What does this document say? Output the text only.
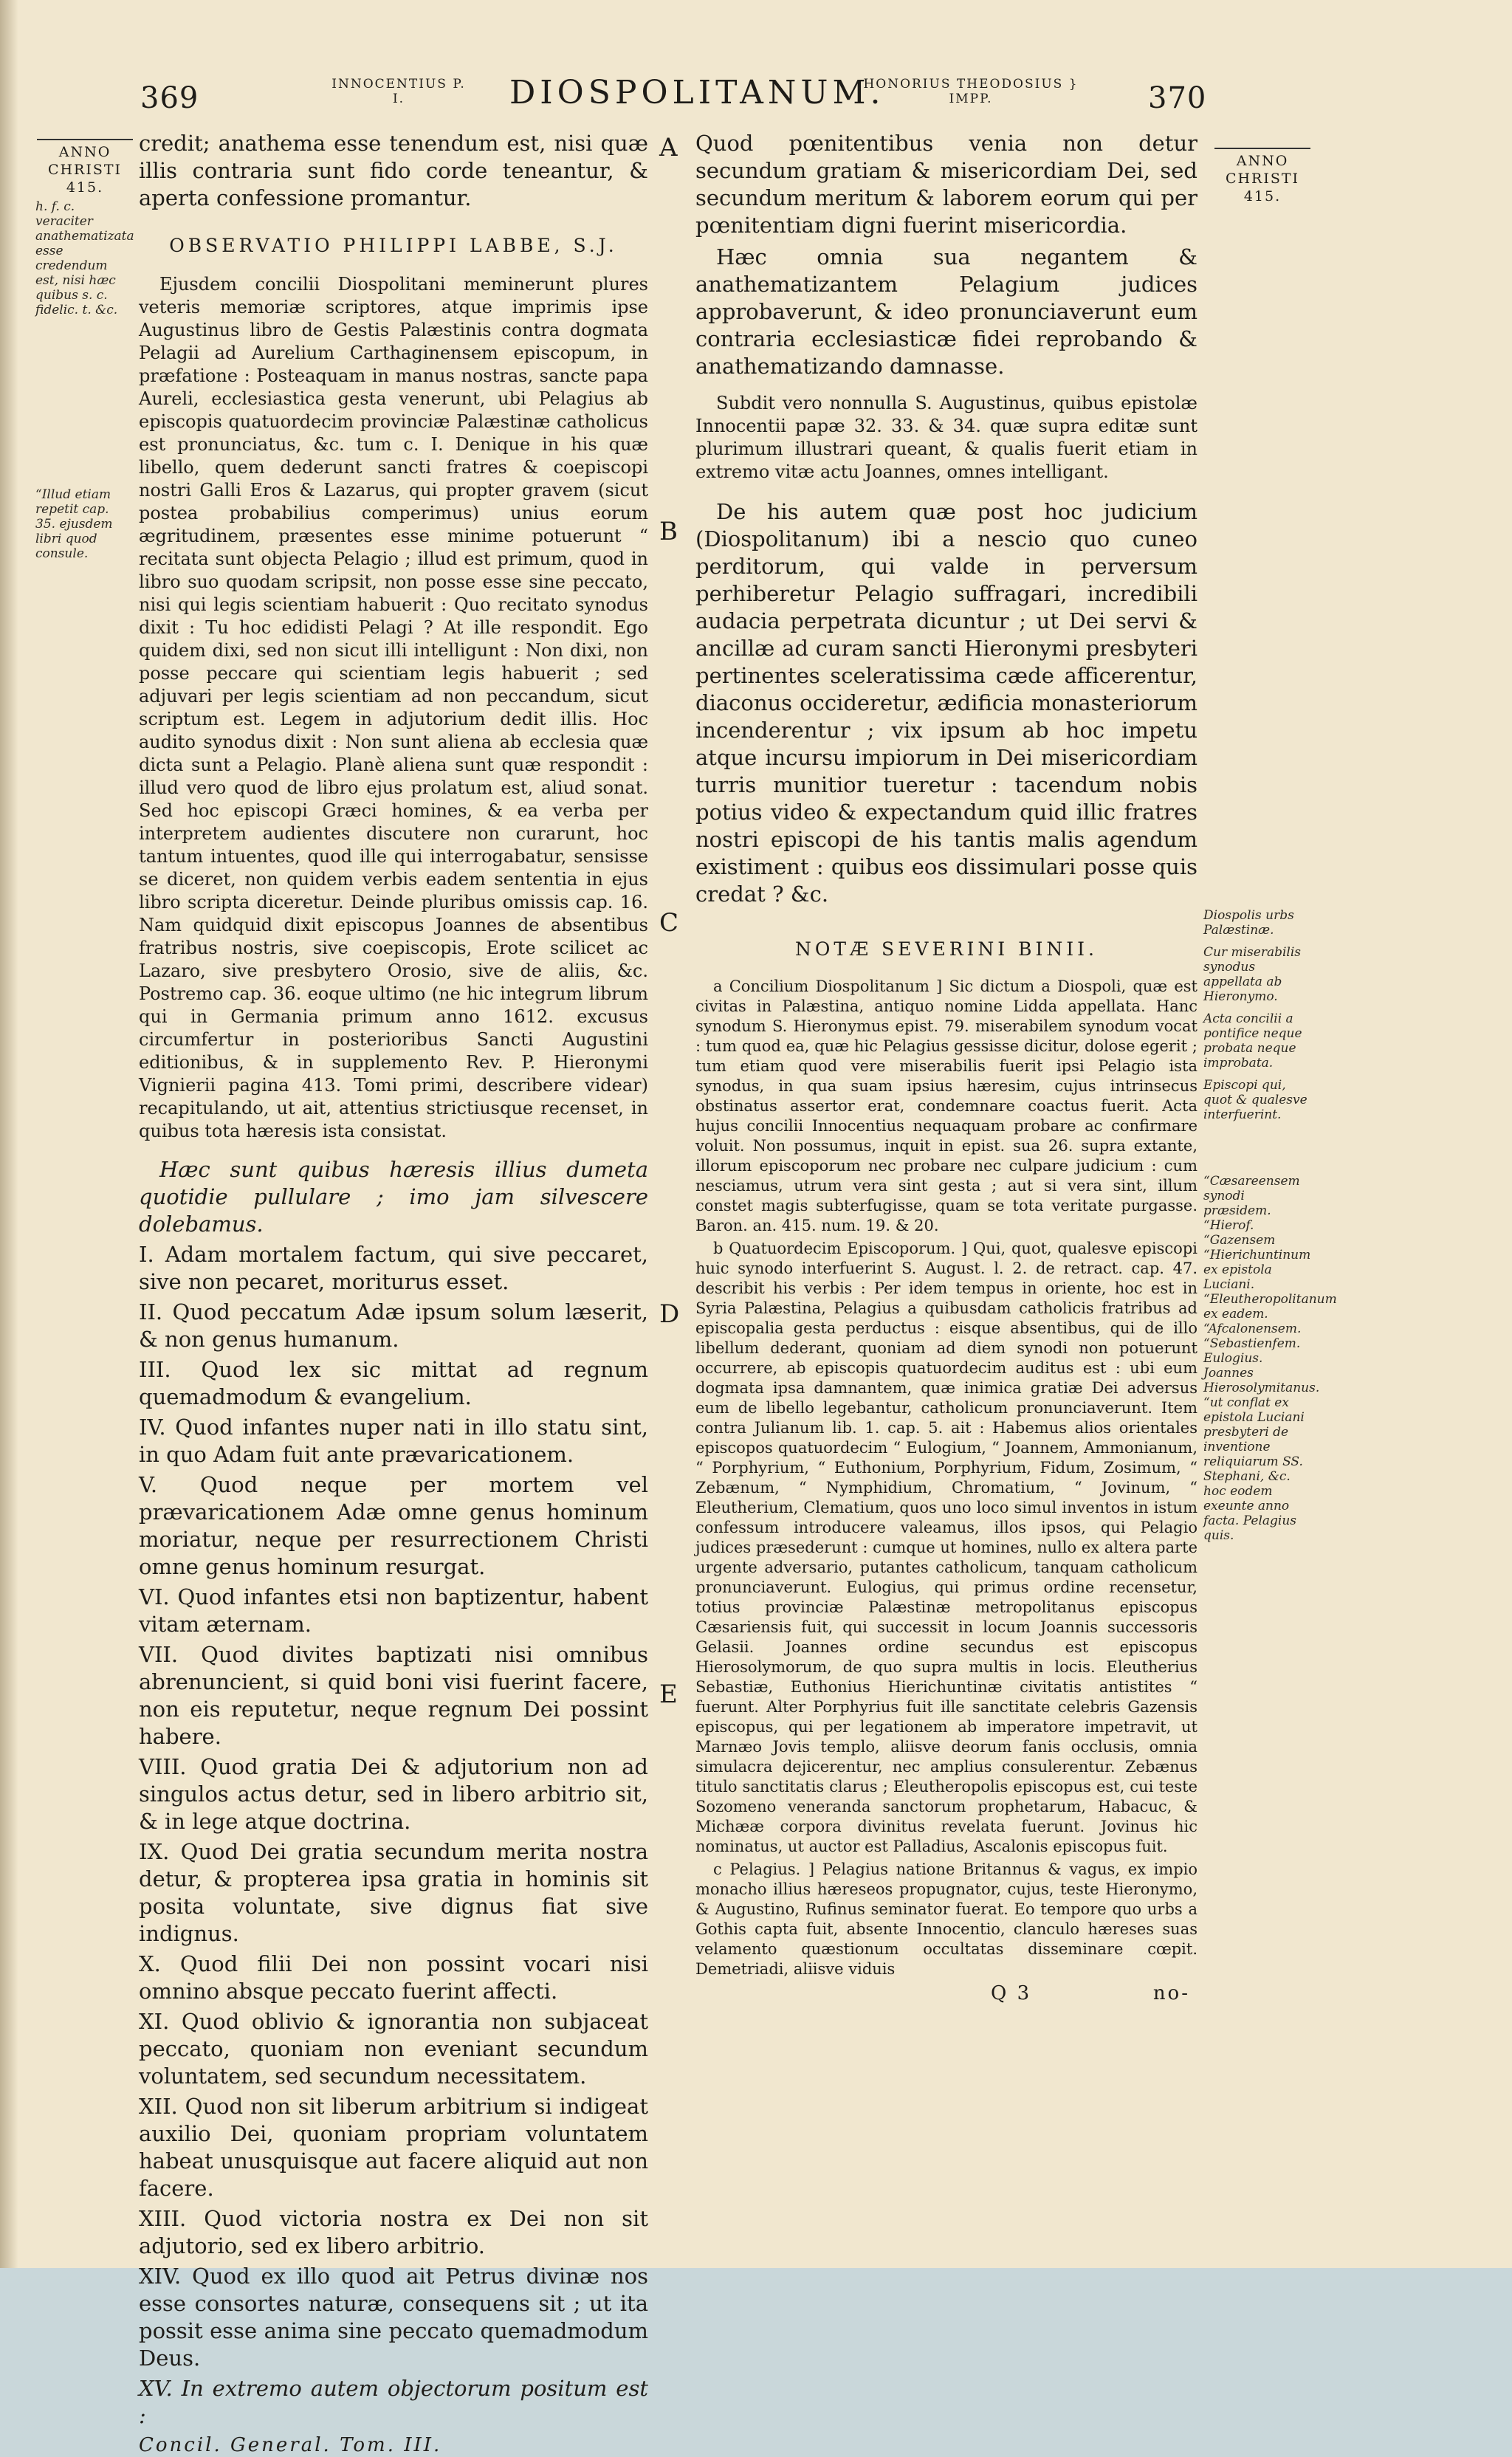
369	INNOCENTIUS P. I.	DIOSPOLITANUM.
HONORIUS THEODOSIUS } IMPP.	370
ANNO CHRISTI 415.
h. f. c. veraciter anathematizata esse credendum est, nisi hæc quibus s. c. fidelic. t. &c.
“Illud etiam repetit cap. 35. ejusdem libri quod consule.
ANNO CHRISTI 415.

Diospolis urbs Palæstinæ.

Cur miserabilis synodus appellata ab Hieronymo.

Acta concilii a pontifice neque probata neque improbata.

Episcopi qui, quot & qualesve interfuerint.

“Cæsareensem synodi præsidem. “Hierof. “Gazensem “Hierichuntinum ex epistola Luciani. “Eleutheropolitanum ex eadem. “Afcalonensem. “Sebastienfem. Eulogius. Joannes Hierosolymitanus. “ut conflat ex epistola Luciani presbyteri de inventione reliquiarum SS. Stephani, &c. hoc eodem exeunte anno facta. Pelagius quis.

A
B
C
D
E

credit; anathema esse tenendum est, nisi quæ illis contraria sunt fido corde teneantur, & aperta confessione promantur.

OBSERVATIO PHILIPPI LABBE, S.J.

Ejusdem concilii Diospolitani meminerunt plures veteris memoriæ scriptores, atque imprimis ipse Augustinus libro de Gestis Palæstinis contra dogmata Pelagii ad Aurelium Carthaginensem episcopum, in præfatione : Posteaquam in manus nostras, sancte papa Aureli, ecclesiastica gesta venerunt, ubi Pelagius ab episcopis quatuordecim provinciæ Palæstinæ catholicus est pronunciatus, &c. tum c. I. Denique in his quæ libello, quem dederunt sancti fratres & coepiscopi nostri Galli Eros & Lazarus, qui propter gravem (sicut postea probabilius comperimus) unius eorum ægritudinem, præsentes esse minime potuerunt “ recitata sunt objecta Pelagio ; illud est primum, quod in libro suo quodam scripsit, non posse esse sine peccato, nisi qui legis scientiam habuerit : Quo recitato synodus dixit : Tu hoc edidisti Pelagi ? At ille respondit. Ego quidem dixi, sed non sicut illi intelligunt : Non dixi, non posse peccare qui scientiam legis habuerit ; sed adjuvari per legis scientiam ad non peccandum, sicut scriptum est. Legem in adjutorium dedit illis. Hoc audito synodus dixit : Non sunt aliena ab ecclesia quæ dicta sunt a Pelagio. Planè aliena sunt quæ respondit : illud vero quod de libro ejus prolatum est, aliud sonat. Sed hoc episcopi Græci homines, & ea verba per interpretem audientes discutere non curarunt, hoc tantum intuentes, quod ille qui interrogabatur, sensisse se diceret, non quidem verbis eadem sententia in ejus libro scripta diceretur. Deinde pluribus omissis cap. 16. Nam quidquid dixit episcopus Joannes de absentibus fratribus nostris, sive coepiscopis, Erote scilicet ac Lazaro, sive presbytero Orosio, sive de aliis, &c. Postremo cap. 36. eoque ultimo (ne hic integrum librum qui in Germania primum anno 1612. excusus circumfertur in posterioribus Sancti Augustini editionibus, & in supplemento Rev. P. Hieronymi Vignierii pagina 413. Tomi primi, describere videar) recapitulando, ut ait, attentius strictiusque recenset, in quibus tota hæresis ista consistat.

Hæc sunt quibus hæresis illius dumeta quotidie pullulare ; imo jam silvescere dolebamus.

I. Adam mortalem factum, qui sive peccaret, sive non pecaret, moriturus esset.

II. Quod peccatum Adæ ipsum solum læserit, & non genus humanum.

III. Quod lex sic mittat ad regnum quemadmodum & evangelium.

IV. Quod infantes nuper nati in illo statu sint, in quo Adam fuit ante prævaricationem.

V. Quod neque per mortem vel prævaricationem Adæ omne genus hominum moriatur, neque per resurrectionem Christi omne genus hominum resurgat.

VI. Quod infantes etsi non baptizentur, habent vitam æternam.

VII. Quod divites baptizati nisi omnibus abrenuncient, si quid boni visi fuerint facere, non eis reputetur, neque regnum Dei possint habere.

VIII. Quod gratia Dei & adjutorium non ad singulos actus detur, sed in libero arbitrio sit, & in lege atque doctrina.

IX. Quod Dei gratia secundum merita nostra detur, & propterea ipsa gratia in hominis sit posita voluntate, sive dignus fiat sive indignus.

X. Quod filii Dei non possint vocari nisi omnino absque peccato fuerint affecti.

XI. Quod oblivio & ignorantia non subjaceat peccato, quoniam non eveniant secundum voluntatem, sed secundum necessitatem.

XII. Quod non sit liberum arbitrium si indigeat auxilio Dei, quoniam propriam voluntatem habeat unusquisque aut facere aliquid aut non facere.

XIII. Quod victoria nostra ex Dei non sit adjutorio, sed ex libero arbitrio.

XIV. Quod ex illo quod ait Petrus divinæ nos esse consortes naturæ, consequens sit ; ut ita possit esse anima sine peccato quemadmodum Deus.

XV. In extremo autem objectorum positum est :

Concil. General. Tom. III.

Quod pœnitentibus venia non detur secundum gratiam & misericordiam Dei, sed secundum meritum & laborem eorum qui per pœnitentiam digni fuerint misericordia.

Hæc omnia sua negantem & anathematizantem Pelagium judices approbaverunt, & ideo pronunciaverunt eum contraria ecclesiasticæ fidei reprobando & anathematizando damnasse.

Subdit vero nonnulla S. Augustinus, quibus epistolæ Innocentii papæ 32. 33. & 34. quæ supra editæ sunt plurimum illustrari queant, & qualis fuerit etiam in extremo vitæ actu Joannes, omnes intelligant.

De his autem quæ post hoc judicium (Diospolitanum) ibi a nescio quo cuneo perditorum, qui valde in perversum perhiberetur Pelagio suffragari, incredibili audacia perpetrata dicuntur ; ut Dei servi & ancillæ ad curam sancti Hieronymi presbyteri pertinentes sceleratissima cæde afficerentur, diaconus occideretur, ædificia monasteriorum incenderentur ; vix ipsum ab hoc impetu atque incursu impiorum in Dei misericordiam turris munitior tueretur : tacendum nobis potius video & expectandum quid illic fratres nostri episcopi de his tantis malis agendum existiment : quibus eos dissimulari posse quis credat ? &c.

NOTÆ SEVERINI BINII.

a Concilium Diospolitanum ] Sic dictum a Diospoli, quæ est civitas in Palæstina, antiquo nomine Lidda appellata. Hanc synodum S. Hieronymus epist. 79. miserabilem synodum vocat : tum quod ea, quæ hic Pelagius gessisse dicitur, dolose egerit ; tum etiam quod vere miserabilis fuerit ipsi Pelagio ista synodus, in qua suam ipsius hæresim, cujus intrinsecus obstinatus assertor erat, condemnare coactus fuerit. Acta hujus concilii Innocentius nequaquam probare ac confirmare voluit. Non possumus, inquit in epist. sua 26. supra extante, illorum episcoporum nec probare nec culpare judicium : cum nesciamus, utrum vera sint gesta ; aut si vera sint, illum constet magis subterfugisse, quam se tota veritate purgasse. Baron. an. 415. num. 19. & 20.

b Quatuordecim Episcoporum. ] Qui, quot, qualesve episcopi huic synodo interfuerint S. August. l. 2. de retract. cap. 47. describit his verbis : Per idem tempus in oriente, hoc est in Syria Palæstina, Pelagius a quibusdam catholicis fratribus ad episcopalia gesta perductus : eisque absentibus, qui de illo libellum dederant, quoniam ad diem synodi non potuerunt occurrere, ab episcopis quatuordecim auditus est : ubi eum dogmata ipsa damnantem, quæ inimica gratiæ Dei adversus eum de libello legebantur, catholicum pronunciaverunt. Item contra Julianum lib. 1. cap. 5. ait : Habemus alios orientales episcopos quatuordecim “ Eulogium, “ Joannem, Ammonianum, “ Porphyrium, “ Euthonium, Porphyrium, Fidum, Zosimum, “ Zebænum, “ Nymphidium, Chromatium, “ Jovinum, “ Eleutherium, Clematium, quos uno loco simul inventos in istum confessum introducere valeamus, illos ipsos, qui Pelagio judices præsederunt : cumque ut homines, nullo ex altera parte urgente adversario, putantes catholicum, tanquam catholicum pronunciaverunt. Eulogius, qui primus ordine recensetur, totius provinciæ Palæstinæ metropolitanus episcopus Cæsariensis fuit, qui successit in locum Joannis successoris Gelasii. Joannes ordine secundus est episcopus Hierosolymorum, de quo supra multis in locis. Eleutherius Sebastiæ, Euthonius Hierichuntinæ civitatis antistites “ fuerunt. Alter Porphyrius fuit ille sanctitate celebris Gazensis episcopus, qui per legationem ab imperatore impetravit, ut Marnæo Jovis templo, aliisve deorum fanis occlusis, omnia simulacra dejicerentur, nec amplius consulerentur. Zebænus titulo sanctitatis clarus ; Eleutheropolis episcopus est, cui teste Sozomeno veneranda sanctorum prophetarum, Habacuc, & Michææ corpora divinitus revelata fuerunt. Jovinus hic nominatus, ut auctor est Palladius, Ascalonis episcopus fuit.

c Pelagius. ] Pelagius natione Britannus & vagus, ex impio monacho illius hæreseos propugnator, cujus, teste Hieronymo, & Augustino, Rufinus seminator fuerat. Eo tempore quo urbs a Gothis capta fuit, absente Innocentio, clanculo hæreses suas velamento quæstionum occultatas disseminare cœpit. Demetriadi, aliisve viduis

Q 3	no-
